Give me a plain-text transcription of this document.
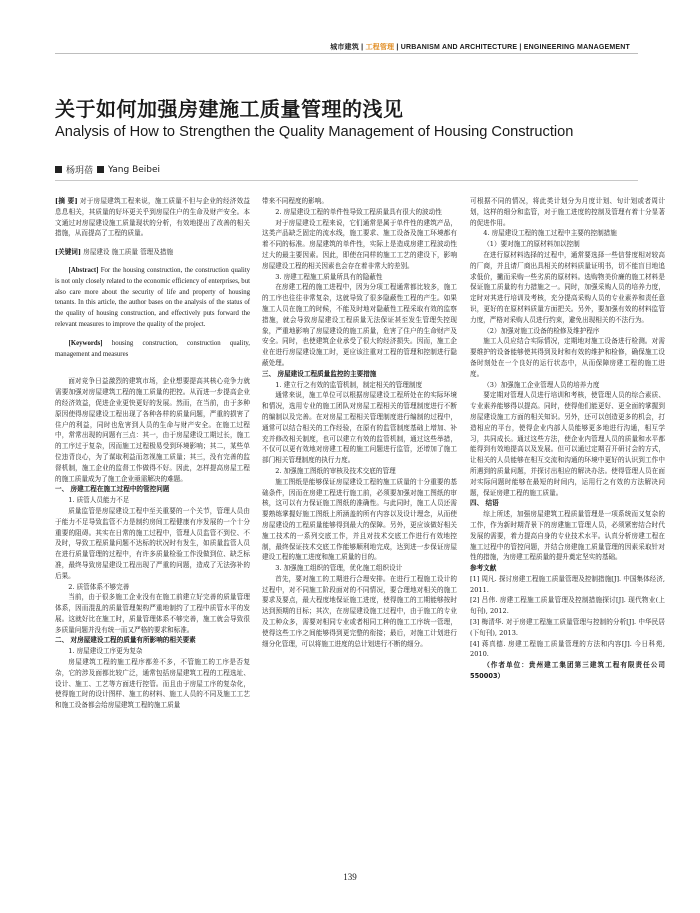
城市建筑 | 工程管理 | URBANISM AND ARCHITECTURE | ENGINEERING MANAGEMENT
关于如何加强房建施工质量管理的浅见
Analysis of How to Strengthen the Quality Management of Housing Construction
杨玥蓓 Yang Beibei

[摘 要] 对于房屋建筑工程来说，施工质量不但与企业的经济效益息息相关，其质量的好坏更关乎到房屋住户的生命及财产安全。本文通过对房屋建设施工质量现状的分析，有效地提出了改善的相关措施，从而提高了工程的质量。

[关键词] 房屋建设 施工质量 管理及措施

[Abstract] For the housing construction, the construction quality is not only closely related to the economic efficiency of enterprises, but also care more about the security of life and property of housing tenants. In this article, the author bases on the analysis of the status of the quality of housing construction, and effectively puts forward the relevant measures to improve the quality of the project.

[Keywords] housing construction, construction quality, management and measures

面对竞争日益激烈的建筑市场，企业想要提高其核心竞争力就需要加强对房屋建筑工程的施工质量的把控。从而进一步提高企业的经济效益，促进企业更快更好的发展。然而，在当前，由于多种原因使得房屋建设工程出现了各种各样的质量问题，严重的损害了住户的利益，同时也危害到人员的生命与财产安全。在施工过程中，常常出现的问题有三点：其一，由于房屋建设工期过长，施工的工序过于复杂，因而施工过程极易受到环境影响；其二，某些单位违背良心，为了谋取利益而忽视施工质量；其三，没有完善的监督机制，施工企业的监督工作做得不好。因此，怎样提高房屋工程的施工质量成为了施工企业亟需解决的难题。

一、 房建工程在施工过程中的管控问题

1. 质管人员能力不足

质量监管是房屋建设工程中至关重要的一个关节，管理人员由于能力不足导致监管不力是制约房间工程健康有序发展的一个十分重要的阻碍。其实在日常的施工过程中，管理人员监管不到位、不及时，导致工程质量问题不达标的状况时有发生，如质量监管人员在进行质量管理的过程中，有许多质量检验工作没做到位、缺乏标准，最终导致房屋建设工程出现了严重的问题，造成了无法弥补的后果。

2. 质管体系不够完善

当前，由于很多施工企业没有在施工前建立好完善的质量管理体系，因而混乱的质量管理架构严重地制约了工程中质管水平的发展。这就好比在施工时，质量管理体系不够完善，施工就会导致很多质量问题并没有统一而又严格的要求和标准。

二、 对房屋建设工程的质量有所影响的相关要素

1. 房屋建设工序更为复杂

房屋建筑工程的施工程序都差不多，不管施工的工序是否复杂，它的涉及面都比较广泛，通常包括房屋建筑工程的工程选址、设计、施工、工艺等方面进行控管。而且由于房屋工序的复杂化，使得施工时的设计图样、施工的材料、施工人员的不同及施工工艺和施工设备都会给房屋建筑工程的施工质量

带来不同程度的影响。

2. 房屋建设工程的单件性导致工程质量具有很大的波动性

对于房屋建设工程来说，它们通常是属于单件性的建筑产品，这类产品缺乏固定的流水线，施工要求、施工设备及施工环境都有着不同的标准。房屋建筑的单件性，实际上是造成房建工程波动性过大的最主要因素。因此，即使在同样的施工工艺的建设下，影响房屋建设工程的相关因素也会存在着非常大的差别。

3. 房建工程施工质量所具有的隐蔽性

在房建工程的施工进程中，因为分项工程通常都比较多，施工的工序也往往非常复杂，这就导致了很多隐蔽性工程的产生。如果施工人员在施工的时候，不能及时地对隐蔽性工程采取有效的监察措施，就会导致房屋建设工程质量无法保证甚至发生管理失控现象，严重地影响了房屋建设的施工质量，危害了住户的生命财产及安全。同时，也使建筑企业承受了很大的经济损失。因而，施工企业在进行房屋建设施工时，更应该注重对工程的管理和控制进行隐蔽处理。

三、 房屋建设工程质量监控的主要措施

1. 建立行之有效的监管机制，制定相关的管理制度

通常来说，施工单位可以根据房屋建设工程所处在的实际环境和情况，选用专业的施工团队对房屋工程相关的管理制度进行不断的编制以及完善。在对房屋工程相关管理制度进行编制的过程中，通常可以结合相关的工作经验，在原有的监管制度基础上增加、补充并修改相关制度，也可以建立有效的监管机制，通过这些举措，不仅可以更有效地对房建工程的施工问题进行监管，还增加了施工部门相关管理制度的执行力度。

2. 加强施工图纸的审核及技术交底的管理

施工图纸是能够保证房屋建设工程的施工质量的十分重要的基础条件，因而在房建工程进行施工前，必须要加强对施工图纸的审核，这可以有力保证施工图纸的准确性。与此同时，施工人员还需要熟练掌握好施工图纸上所涵盖的所有内容以及设计理念，从而使房屋建设的工程质量能够得到最大的保障。另外，更应该做好相关施工技术的一系列交底工作，并且对技术交底工作进行有效地控制，最终保证技术交底工作能够顺利地完成，达到进一步保证房屋建设工程的施工进度和施工质量的目的。

3. 加强施工组织的管理，优化施工组织设计

首先，要对施工的工期进行合理安排。在进行工程施工设计的过程中，对不同施工阶段面对的不同情况，要合理地对相关的施工要求及要点，最大程度地保证施工进度，使得施工的工期能够按时达到预期的目标；其次，在房屋建设施工过程中，由于施工的专业及工种众多，需要对相同专业或者相同工种的施工工序统一管理，使得这些工序之间能够得到更完整的衔接；最后，对施工计划进行细分化管理，可以将施工进度的总计划进行不断的细分。

可根据不同的情况，将此类计划分为月度计划、旬计划或者周计划，这样的细分和监管，对于施工进度的控制及管理有着十分显著的促进作用。

4. 房屋建设工程的施工过程中主要的控制措施

（1）要对施工的原材料加以控制

在进行原材料选择的过程中，通常要选择一些信誉度相对较高的厂商，并且请厂商出具相关的材料质量证明书，切不能盲目地追求低价，撇而采购一些劣质的原材料。选购物美价廉的施工材料是保证施工质量的有力措施之一。同时，加强采购人员的培养力度，定时对其进行培训及考核，充分提高采购人员的专业素养和责任意识，更好的在原材料质量方面把关。另外，要加强有效的材料监管力度，严格对采购人员进行约束，避免出现相关的不法行为。

（2）加强对施工设备的检修及维护程序

施工人员应结合实际情况，定期地对施工设备进行检测。对需要维护的设备能够使其得到及时和有效的维护和检修，确保施工设备时刻处在一个良好的运行状态中，从而保障房建工程的施工进度。

（3）加强施工企业管理人员的培养力度

要定期对管理人员进行培训和考核，使管理人员的综合素质、专业素养能够得以提高。同时，使得他们能更好、更全面的掌握到房屋建设施工方面的相关知识。另外，还可以创造更多的机会，打造相应的平台，使得企业内部人员能够更多地进行沟通，相互学习，共同成长。通过这些方法，使企业内管理人员的质量和水平都能得到有效地提高以及发展。但可以通过定期召开研讨会的方式，让相关的人员能够在相互交流和沟通的环境中更好的认识到工作中所遇到的质量问题，并探讨出相应的解决办法。使得管理人员在面对实际问题时能够在最短的时间内，运用行之有效的方法解决问题，保证房建工程的施工质量。

四、 结语

综上所述，加强房屋建筑工程质量管理是一项系统而又复杂的工作，作为新时期背景下的房建施工管理人员，必须紧密结合时代发展的需要，着力提高自身的专业技术水平。认真分析房建工程在施工过程中的管控问题，并结合房建施工质量管理的因素采取针对性的措施，为房建工程质量的提升奠定坚实的基础。

参考文献

[1] 周凡. 探讨房建工程施工质量管理及控制措施[J]. 中国集体经济, 2011.

[2] 吕伟. 房建工程施工质量管理及控制措施探讨[J]. 现代物业(上旬刊), 2012.

[3] 梅清华. 对于房建工程施工质量管理与控制的分析[J]. 中华民居(下旬刊), 2013.

[4] 蒋真德. 房建工程施工质量管理的方法和内容[J]. 今日科苑, 2010.

（作者单位：贵州建工集团第三建筑工程有限责任公司　550003）

139
